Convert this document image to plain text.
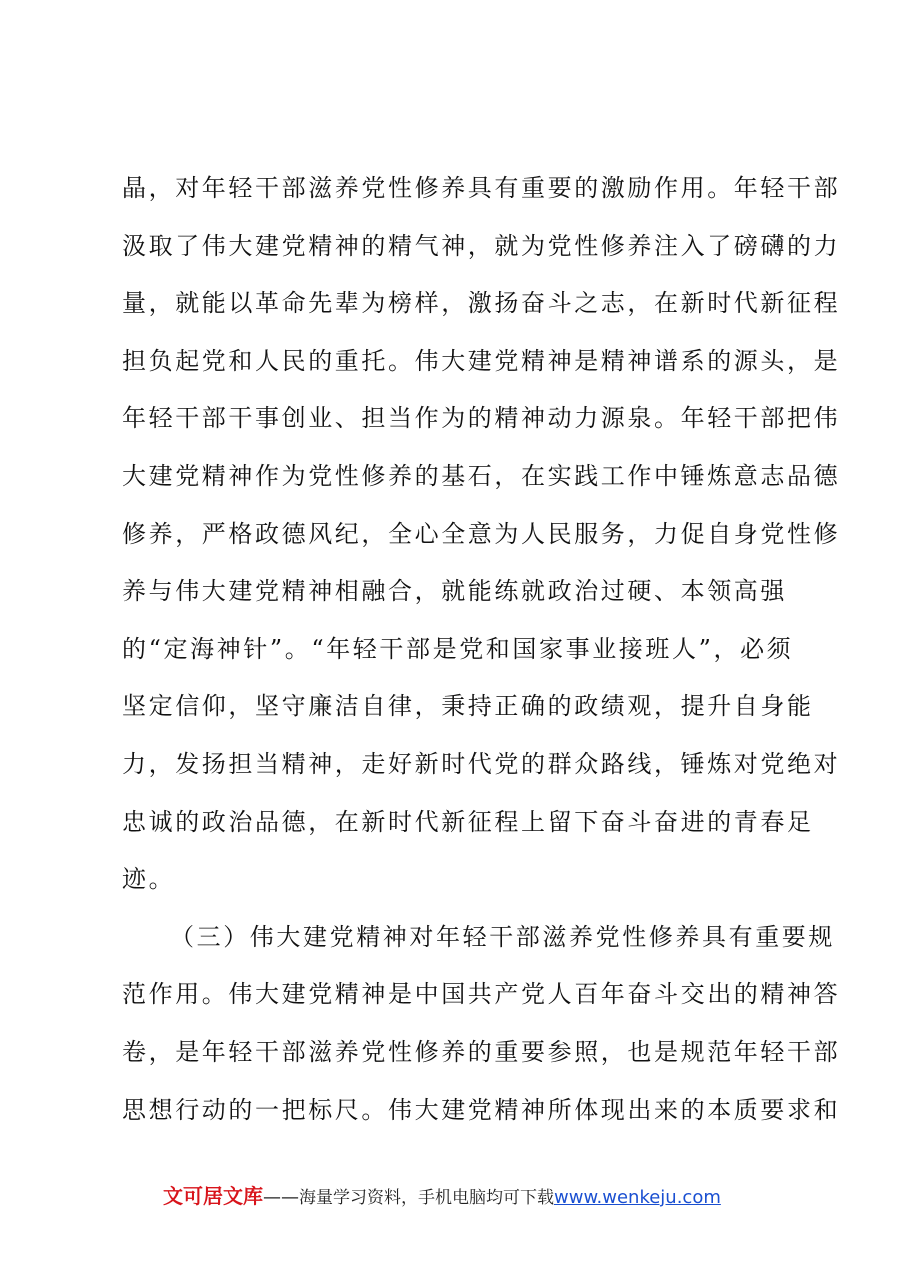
晶，对年轻干部滋养党性修养具有重要的激励作用。年轻干部
汲取了伟大建党精神的精气神，就为党性修养注入了磅礴的力
量，就能以革命先辈为榜样，激扬奋斗之志，在新时代新征程
担负起党和人民的重托。伟大建党精神是精神谱系的源头，是
年轻干部干事创业、担当作为的精神动力源泉。年轻干部把伟
大建党精神作为党性修养的基石，在实践工作中锤炼意志品德
修养，严格政德风纪，全心全意为人民服务，力促自身党性修
养与伟大建党精神相融合，就能练就政治过硬、本领高强
的“定海神针”。“年轻干部是党和国家事业接班人”，必须
坚定信仰，坚守廉洁自律，秉持正确的政绩观，提升自身能
力，发扬担当精神，走好新时代党的群众路线，锤炼对党绝对
忠诚的政治品德，在新时代新征程上留下奋斗奋进的青春足
迹。
（三）伟大建党精神对年轻干部滋养党性修养具有重要规
范作用。伟大建党精神是中国共产党人百年奋斗交出的精神答
卷，是年轻干部滋养党性修养的重要参照，也是规范年轻干部
思想行动的一把标尺。伟大建党精神所体现出来的本质要求和
文可居文库——海量学习资料，手机电脑均可下载www.wenkeju.com
